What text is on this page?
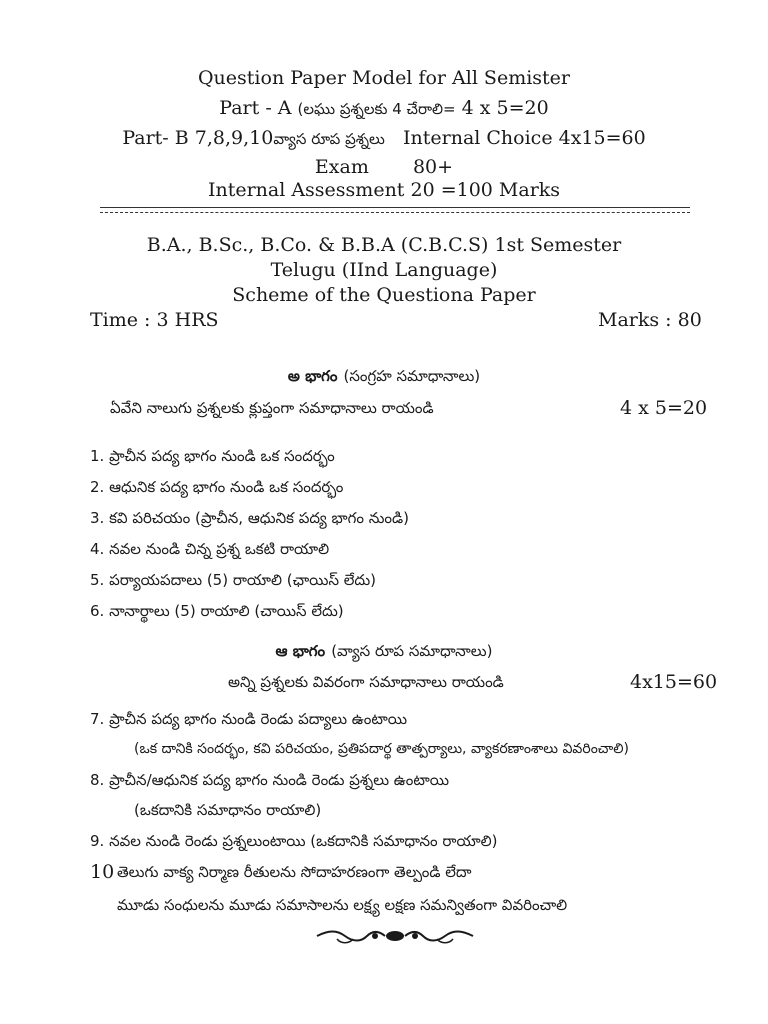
Question Paper Model for All Semister
Part - A (లఘు ప్రశ్నలకు 4 చేరాలి= 4 x 5=20
Part- B 7,8,9,10వ్యాస రూప ప్రశ్నలు Internal Choice 4x15=60
Exam 80+
Internal Assessment 20 =100 Marks
B.A., B.Sc., B.Co. & B.B.A (C.B.C.S) 1st Semester
Telugu (IInd Language)
Scheme of the Questiona Paper
Time : 3 HRS	Marks : 80
అ భాగం (సంగ్రహ సమాధానాలు)
ఏవేని నాలుగు ప్రశ్నలకు క్లుప్తంగా సమాధానాలు రాయండి	4 x 5=20
1. ప్రాచీన పద్య భాగం నుండి ఒక సందర్భం
2. ఆధునిక పద్య భాగం నుండి ఒక సందర్భం
3. కవి పరిచయం (ప్రాచీన, ఆధునిక పద్య భాగం నుండి)
4. నవల నుండి చిన్న ప్రశ్న ఒకటి రాయాలి
5. పర్యాయపదాలు (5) రాయాలి (ఛాయిస్ లేదు)
6. నానార్థాలు (5) రాయాలి (చాయిస్ లేదు)
ఆ భాగం (వ్యాస రూప సమాధానాలు)
అన్ని ప్రశ్నలకు వివరంగా సమాధానాలు రాయండి	4x15=60
7. ప్రాచీన పద్య భాగం నుండి రెండు పద్యాలు ఉంటాయి
(ఒక దానికి సందర్భం, కవి పరిచయం, ప్రతిపదార్థ తాత్పర్యాలు, వ్యాకరణాంశాలు వివరించాలి)
8. ప్రాచీన/ఆధునిక పద్య భాగం నుండి రెండు ప్రశ్నలు ఉంటాయి
(ఒకదానికి సమాధానం రాయాలి)
9. నవల నుండి రెండు ప్రశ్నలుంటాయి (ఒకదానికి సమాధానం రాయాలి)
10 తెలుగు వాక్య నిర్మాణ రీతులను సోదాహరణంగా తెల్పండి లేదా
మూడు సంధులను మూడు సమాసాలను లక్ష్య లక్షణ సమన్వితంగా వివరించాలి
